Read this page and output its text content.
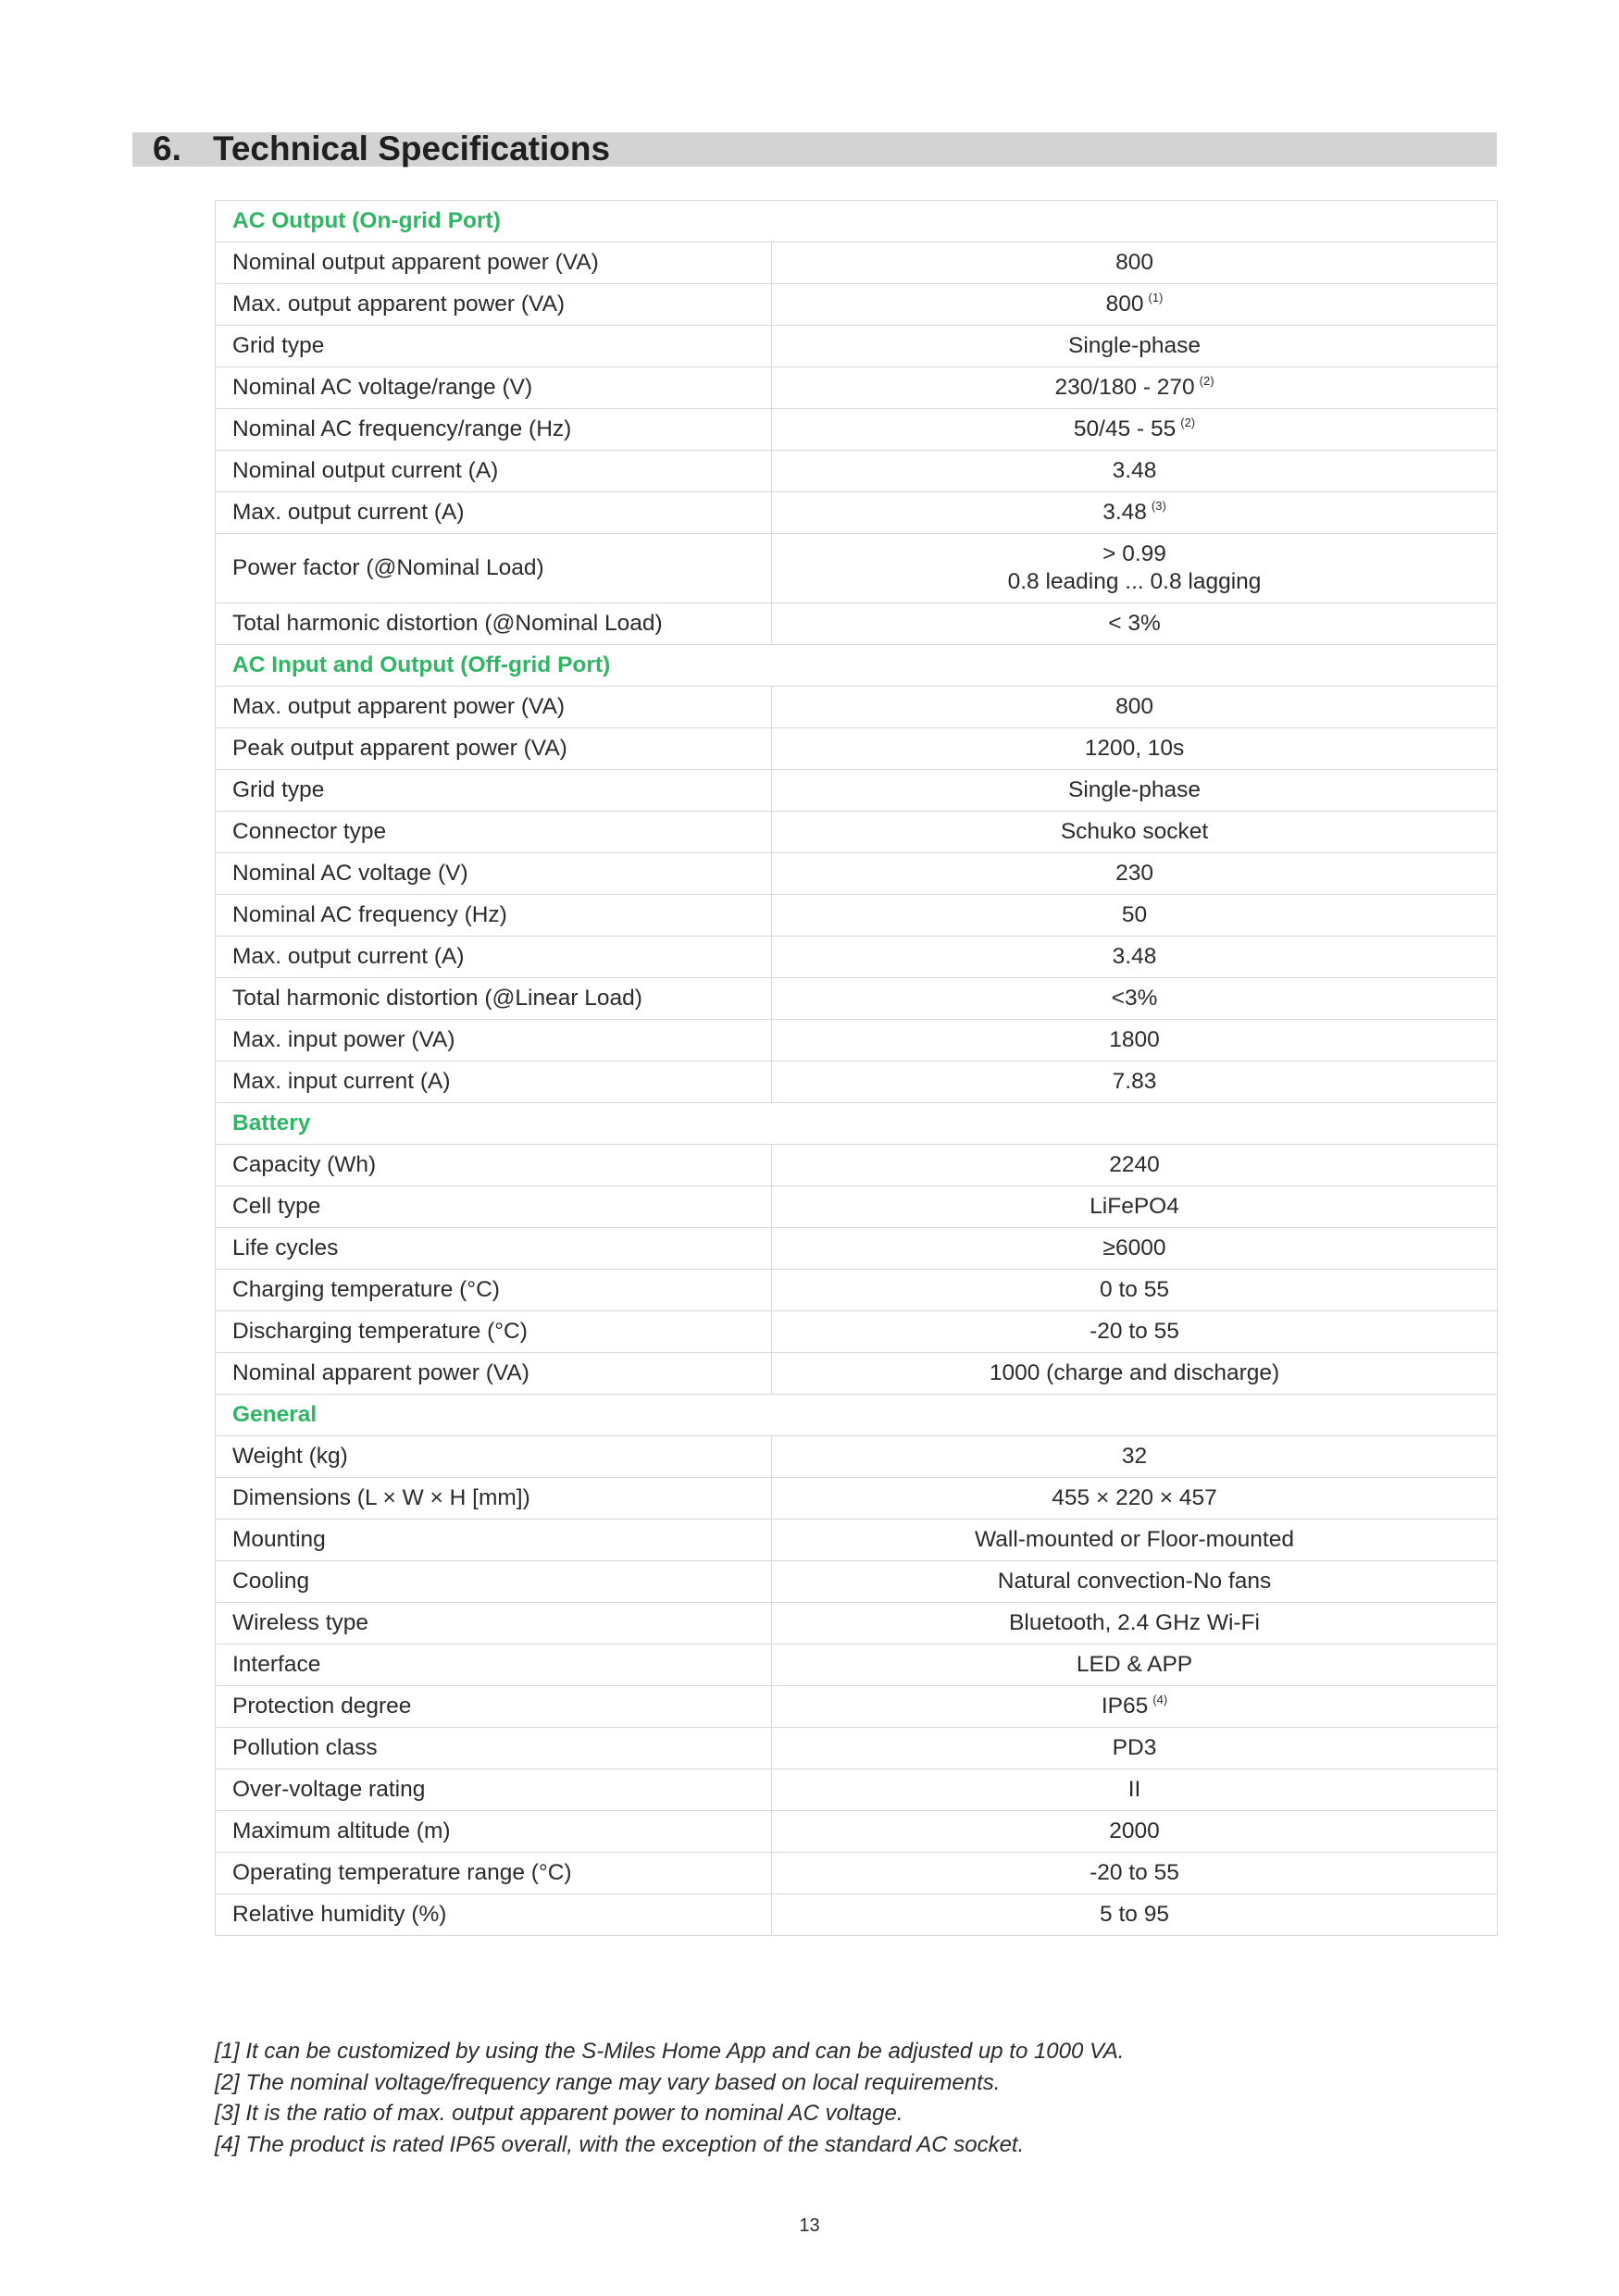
6. Technical Specifications
AC Output (On-grid Port)	
Nominal output apparent power (VA)	800
Max. output apparent power (VA)	800 $^{(1)}$
Grid type	Single-phase
Nominal AC voltage/range (V)	230/180 - 270 $^{(2)}$
Nominal AC frequency/range (Hz)	50/45 - 55 $^{(2)}$
Nominal output current (A)	3.48
Max. output current (A)	3.48 $^{(3)}$
Power factor (@Nominal Load)	> 0.99
0.8 leading ... 0.8 lagging

Total harmonic distortion (@Nominal Load)	< 3%
AC Input and Output (Off-grid Port)	
Max. output apparent power (VA)	800
Peak output apparent power (VA)	1200, 10s
Grid type	Single-phase
Connector type	Schuko socket
Nominal AC voltage (V)	230
Nominal AC frequency (Hz)	50
Max. output current (A)	3.48
Total harmonic distortion (@Linear Load)	<3%
Max. input power (VA)	1800
Max. input current (A)	7.83
Battery	
Capacity (Wh)	2240
Cell type	LiFePO4
Life cycles	≥6000
Charging temperature (°C)	0 to 55
Discharging temperature (°C)	-20 to 55
Nominal apparent power (VA)	1000 (charge and discharge)
General	
Weight (kg)	32
Dimensions (L × W × H [mm])	455 × 220 × 457
Mounting	Wall-mounted or Floor-mounted
Cooling	Natural convection-No fans
Wireless type	Bluetooth, 2.4 GHz Wi-Fi
Interface	LED & APP
Protection degree	IP65 $^{(4)}$
Pollution class	PD3
Over-voltage rating	II
Maximum altitude (m)	2000
Operating temperature range (°C)	-20 to 55
Relative humidity (%)	5 to 95
[1] It can be customized by using the S-Miles Home App and can be adjusted up to 1000 VA.
[2] The nominal voltage/frequency range may vary based on local requirements.
[3] It is the ratio of max. output apparent power to nominal AC voltage.
[4] The product is rated IP65 overall, with the exception of the standard AC socket.
13
